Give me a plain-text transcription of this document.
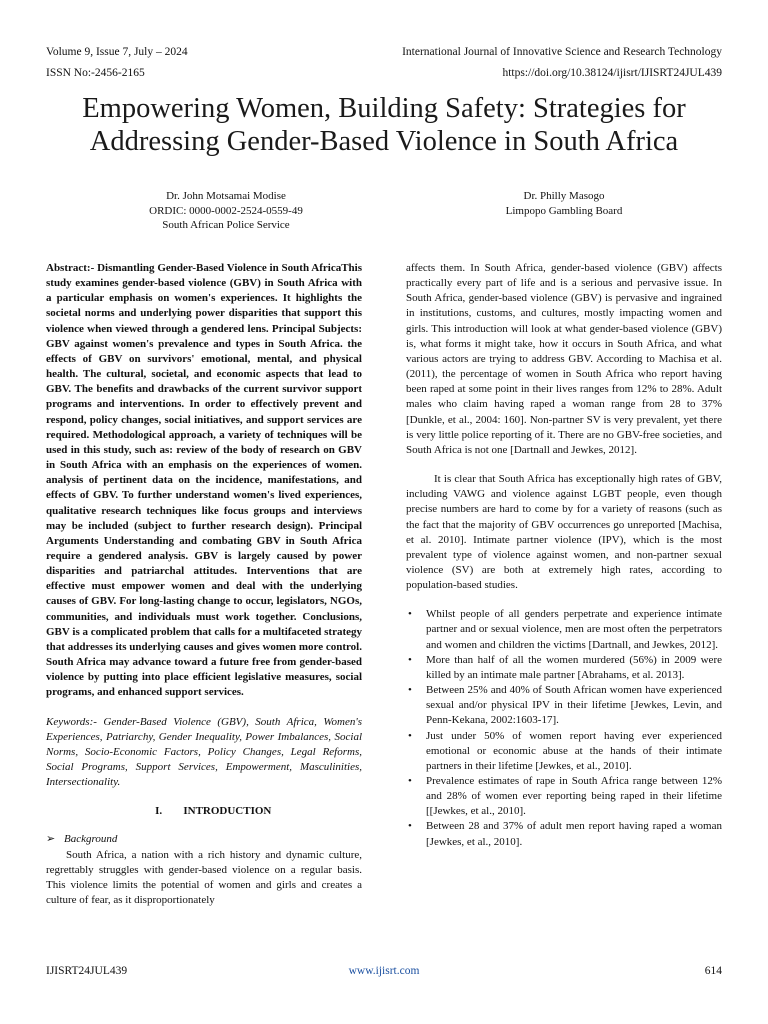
Volume 9, Issue 7, July – 2024	International Journal of Innovative Science and Research Technology
ISSN No:-2456-2165	https://doi.org/10.38124/ijisrt/IJISRT24JUL439
Empowering Women, Building Safety: Strategies for
Addressing Gender-Based Violence in South Africa
Dr. John Motsamai Modise
ORDIC: 0000-0002-2524-0559-49
South African Police Service
Dr. Philly Masogo
Limpopo Gambling Board

Abstract:- Dismantling Gender-Based Violence in South AfricaThis study examines gender-based violence (GBV) in South Africa with a particular emphasis on women's experiences. It highlights the societal norms and underlying power disparities that support this violence when viewed through a gendered lens. Principal Subjects: GBV against women's prevalence and types in South Africa. the effects of GBV on survivors' emotional, mental, and physical health. The cultural, societal, and economic aspects that lead to GBV. The benefits and drawbacks of the current survivor support programs and interventions. In order to effectively prevent and respond, policy changes, social initiatives, and support services are required. Methodological approach, a variety of techniques will be used in this study, such as: review of the body of research on GBV in South Africa with an emphasis on the experiences of women. analysis of pertinent data on the incidence, manifestations, and effects of GBV. To further understand women's lived experiences, qualitative research techniques like focus groups and interviews may be included (subject to further research design). Principal Arguments Understanding and combating GBV in South Africa require a gendered analysis. GBV is largely caused by power disparities and patriarchal attitudes. Interventions that are effective must empower women and deal with the underlying causes of GBV. For long-lasting change to occur, legislators, NGOs, communities, and individuals must work together. Conclusions, GBV is a complicated problem that calls for a multifaceted strategy that addresses its underlying causes and gives women more control. South Africa may advance toward a future free from gender-based violence by putting into place efficient legislative measures, social programs, and enhanced support services.

Keywords:- Gender-Based Violence (GBV), South Africa, Women's Experiences, Patriarchy, Gender Inequality, Power Imbalances, Social Norms, Socio-Economic Factors, Policy Changes, Legal Reforms, Social Programs, Support Services, Empowerment, Masculinities, Intersectionality.

I. INTRODUCTION

➢ Background

South Africa, a nation with a rich history and dynamic culture, regrettably struggles with gender-based violence on a regular basis. This violence limits the potential of women and girls and creates a culture of fear, as it disproportionately

affects them. In South Africa, gender-based violence (GBV) affects practically every part of life and is a serious and pervasive issue. In South Africa, gender-based violence (GBV) is pervasive and ingrained in institutions, customs, and cultures, mostly impacting women and girls. This introduction will look at what gender-based violence (GBV) is, what forms it might take, how it occurs in South Africa, and what various actors are trying to address GBV. According to Machisa et al. (2011), the percentage of women in South Africa who report having been raped at some point in their lives ranges from 12% to 28%. Adult males who claim having raped a woman range from 28 to 37% [Dunkle, et al., 2004: 160]. Non-partner SV is very prevalent, yet there is very little police reporting of it. There are no GBV-free societies, and South Africa is not one [Dartnall and Jewkes, 2012].

It is clear that South Africa has exceptionally high rates of GBV, including VAWG and violence against LGBT people, even though precise numbers are hard to come by for a variety of reasons (such as the fact that the majority of GBV occurrences go unreported [Machisa, et al. 2010]. Intimate partner violence (IPV), which is the most prevalent type of violence against women, and non-partner sexual violence (SV) are both at extremely high rates, according to population-based studies.

• Whilst people of all genders perpetrate and experience intimate partner and or sexual violence, men are most often the perpetrators and women and children the victims [Dartnall, and Jewkes, 2012].
• More than half of all the women murdered (56%) in 2009 were killed by an intimate male partner [Abrahams, et al. 2013].
• Between 25% and 40% of South African women have experienced sexual and/or physical IPV in their lifetime [Jewkes, Levin, and Penn-Kekana, 2002:1603-17].
• Just under 50% of women report having ever experienced emotional or economic abuse at the hands of their intimate partners in their lifetime [Jewkes, et al., 2010].
• Prevalence estimates of rape in South Africa range between 12% and 28% of women ever reporting being raped in their lifetime [[Jewkes, et al., 2010].
• Between 28 and 37% of adult men report having raped a woman [Jewkes, et al., 2010].
IJISRT24JUL439	www.ijisrt.com	614
